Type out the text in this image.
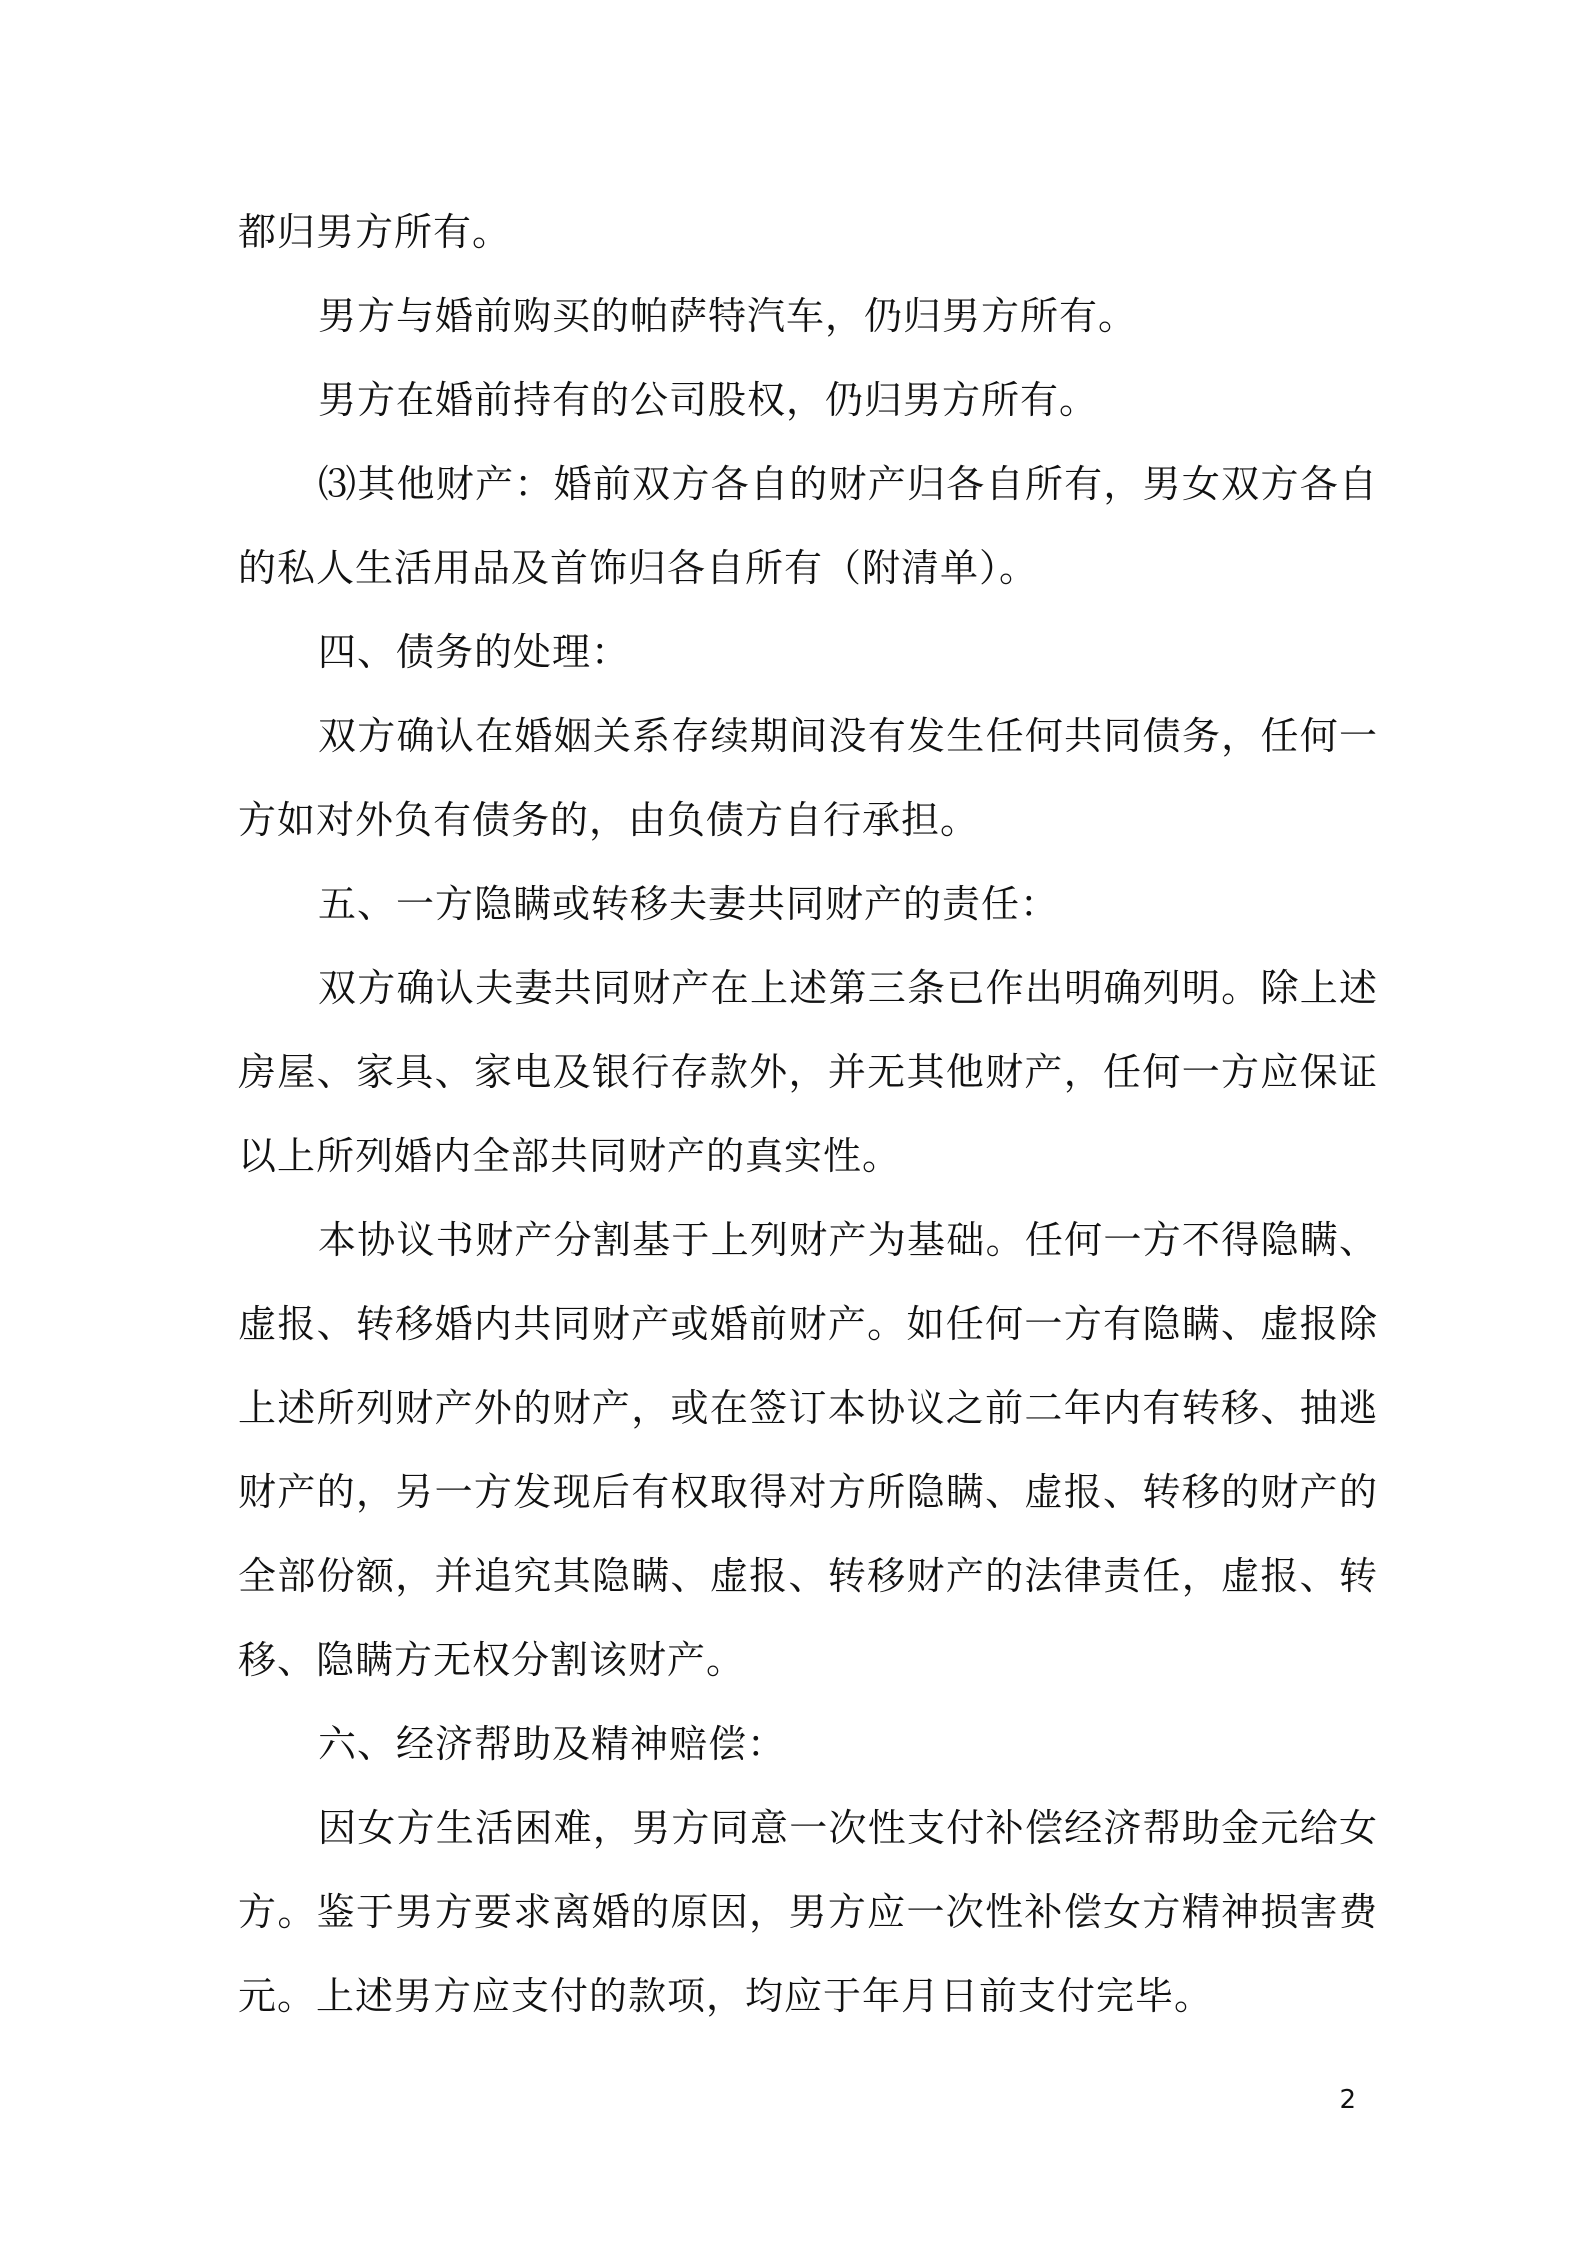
都归男方所有。

男方与婚前购买的帕萨特汽车，仍归男方所有。

男方在婚前持有的公司股权，仍归男方所有。

⑶其他财产：婚前双方各自的财产归各自所有，男女双方各自的私人生活用品及首饰归各自所有（附清单）。

四、债务的处理：

双方确认在婚姻关系存续期间没有发生任何共同债务，任何一方如对外负有债务的，由负债方自行承担。

五、一方隐瞒或转移夫妻共同财产的责任：

双方确认夫妻共同财产在上述第三条已作出明确列明。除上述房屋、家具、家电及银行存款外，并无其他财产，任何一方应保证以上所列婚内全部共同财产的真实性。

本协议书财产分割基于上列财产为基础。任何一方不得隐瞒、虚报、转移婚内共同财产或婚前财产。如任何一方有隐瞒、虚报除上述所列财产外的财产，或在签订本协议之前二年内有转移、抽逃财产的，另一方发现后有权取得对方所隐瞒、虚报、转移的财产的全部份额，并追究其隐瞒、虚报、转移财产的法律责任，虚报、转移、隐瞒方无权分割该财产。

六、经济帮助及精神赔偿：

因女方生活困难，男方同意一次性支付补偿经济帮助金元给女方。鉴于男方要求离婚的原因，男方应一次性补偿女方精神损害费元。上述男方应支付的款项，均应于年月日前支付完毕。

2
